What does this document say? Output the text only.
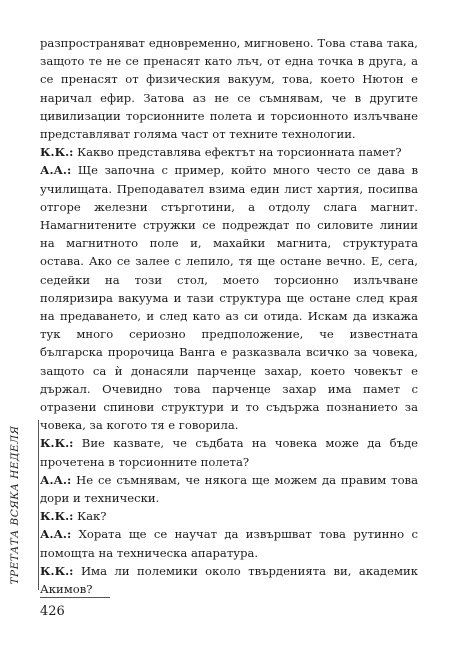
разпространяват едновременно, мигновено. Това става така, защото те не се пренасят като лъч, от една точка в друга, а се пренасят от физическия вакуум, това, което Нютон е наричал ефир. Затова аз не се съмнявам, че в другите цивилизации торсионните полета и торсионното излъчване представляват голяма част от техните технологии.

К.К.: Какво представлява ефектът на торсионната памет?

А.А.: Ще започна с пример, който много често се дава в училищата. Преподавател взима един лист хартия, посипва отгоре железни стърготини, а отдолу слага магнит. Намагнитените стружки се подреждат по силовите линии на магнитното поле и, махайки магнита, структурата остава. Ако се залее с лепило, тя ще остане вечно. Е, сега, седейки на този стол, моето торсионно излъчване поляризира вакуума и тази структура ще остане след края на предаването, и след като аз си отида. Искам да изкажа тук много сериозно предположение, че известната българска пророчица Ванга е разказвала всичко за човека, защото са ѝ донасяли парченце захар, което човекът е държал. Очевидно това парченце захар има памет с отразени спинови структури и то съдържа познанието за човека, за когото тя е говорила.

К.К.: Вие казвате, че съдбата на човека може да бъде прочетена в торсионните полета?

А.А.: Не се съмнявам, че някога ще можем да правим това дори и технически.

К.К.: Как?

А.А.: Хората ще се научат да извършват това рутинно с помощта на техническа апаратура.

К.К.: Има ли полемики около твърденията ви, академик Акимов?

ТРЕТАТА ВСЯКА НЕДЕЛЯ
426
